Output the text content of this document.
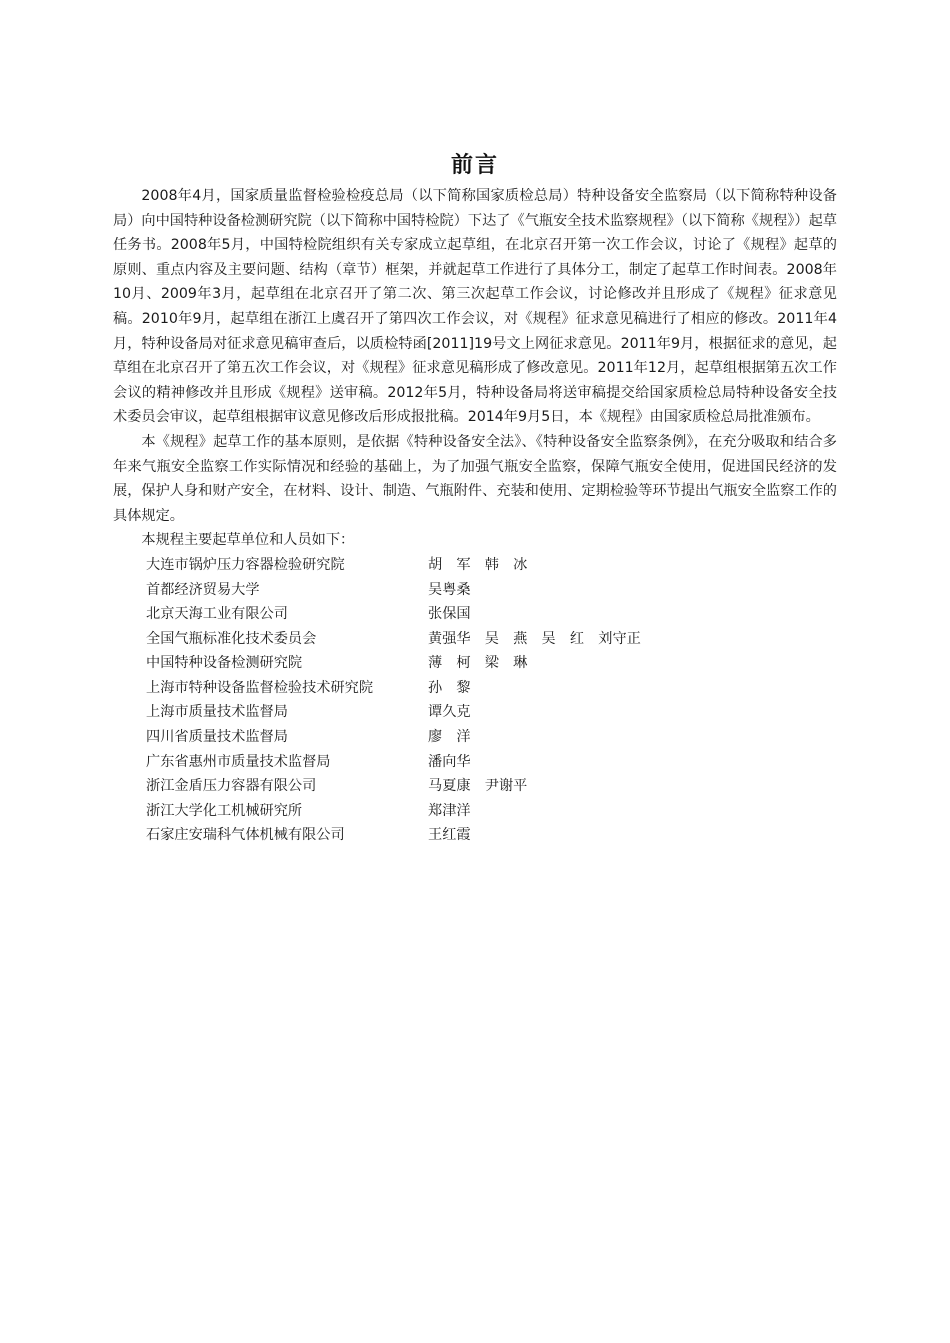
前言

2008年4月，国家质量监督检验检疫总局（以下简称国家质检总局）特种设备安全监察局（以下简称特种设备局）向中国特种设备检测研究院（以下简称中国特检院）下达了《气瓶安全技术监察规程》（以下简称《规程》）起草任务书。2008年5月，中国特检院组织有关专家成立起草组，在北京召开第一次工作会议，讨论了《规程》起草的原则、重点内容及主要问题、结构（章节）框架，并就起草工作进行了具体分工，制定了起草工作时间表。2008年10月、2009年3月，起草组在北京召开了第二次、第三次起草工作会议，讨论修改并且形成了《规程》征求意见稿。2010年9月，起草组在浙江上虞召开了第四次工作会议，对《规程》征求意见稿进行了相应的修改。2011年4月，特种设备局对征求意见稿审查后，以质检特函[2011]19号文上网征求意见。2011年9月，根据征求的意见，起草组在北京召开了第五次工作会议，对《规程》征求意见稿形成了修改意见。2011年12月，起草组根据第五次工作会议的精神修改并且形成《规程》送审稿。2012年5月，特种设备局将送审稿提交给国家质检总局特种设备安全技术委员会审议，起草组根据审议意见修改后形成报批稿。2014年9月5日，本《规程》由国家质检总局批准颁布。

本《规程》起草工作的基本原则，是依据《特种设备安全法》、《特种设备安全监察条例》，在充分吸取和结合多年来气瓶安全监察工作实际情况和经验的基础上，为了加强气瓶安全监察，保障气瓶安全使用，促进国民经济的发展，保护人身和财产安全，在材料、设计、制造、气瓶附件、充装和使用、定期检验等环节提出气瓶安全监察工作的具体规定。

本规程主要起草单位和人员如下：

大连市锅炉压力容器检验研究院	胡　军　韩　冰
首都经济贸易大学	吴粤桑
北京天海工业有限公司	张保国
全国气瓶标准化技术委员会	黄强华　吴　燕　吴　红　刘守正
中国特种设备检测研究院	薄　柯　梁　琳
上海市特种设备监督检验技术研究院	孙　黎
上海市质量技术监督局	谭久克
四川省质量技术监督局	廖　洋
广东省惠州市质量技术监督局	潘向华
浙江金盾压力容器有限公司	马夏康　尹谢平
浙江大学化工机械研究所	郑津洋
石家庄安瑞科气体机械有限公司	王红霞
